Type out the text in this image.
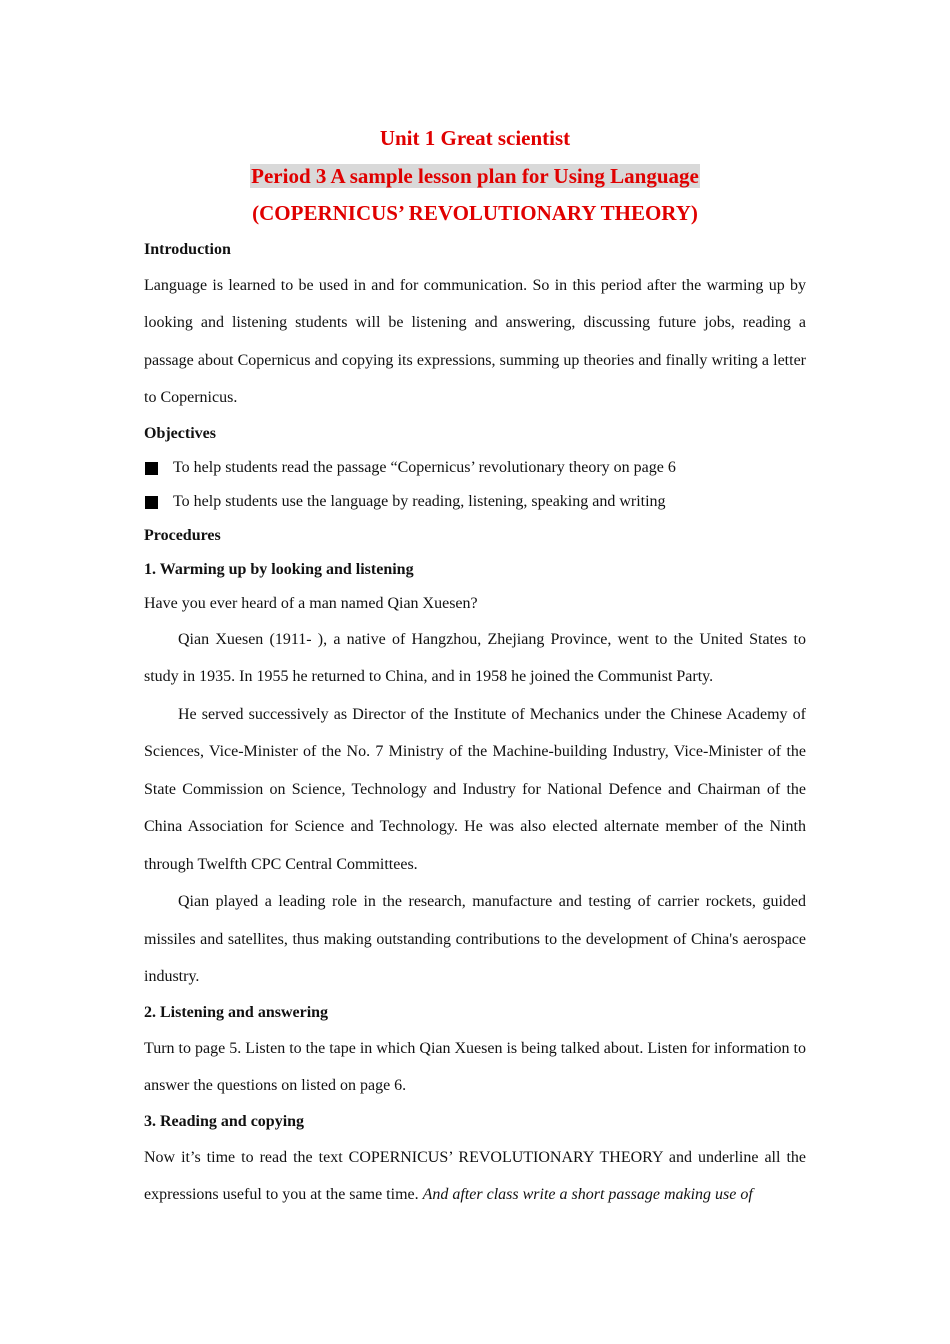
Unit 1 Great scientist
Period 3 A sample lesson plan for Using Language
(COPERNICUS’ REVOLUTIONARY THEORY)
Introduction

Language is learned to be used in and for communication. So in this period after the warming up by looking and listening students will be listening and answering, discussing future jobs, reading a passage about Copernicus and copying its expressions, summing up theories and finally writing a letter to Copernicus.

Objectives
To help students read the passage “Copernicus’ revolutionary theory on page 6
To help students use the language by reading, listening, speaking and writing
Procedures
1. Warming up by looking and listening

Have you ever heard of a man named Qian Xuesen?

Qian Xuesen (1911- ), a native of Hangzhou, Zhejiang Province, went to the United States to study in 1935. In 1955 he returned to China, and in 1958 he joined the Communist Party.

He served successively as Director of the Institute of Mechanics under the Chinese Academy of Sciences, Vice-Minister of the No. 7 Ministry of the Machine-building Industry, Vice-Minister of the State Commission on Science, Technology and Industry for National Defence and Chairman of the China Association for Science and Technology. He was also elected alternate member of the Ninth through Twelfth CPC Central Committees.

Qian played a leading role in the research, manufacture and testing of carrier rockets, guided missiles and satellites, thus making outstanding contributions to the development of China's aerospace industry.

2. Listening and answering

Turn to page 5. Listen to the tape in which Qian Xuesen is being talked about. Listen for information to answer the questions on listed on page 6.

3. Reading and copying

Now it’s time to read the text COPERNICUS’ REVOLUTIONARY THEORY and underline all the expressions useful to you at the same time. And after class write a short passage making use of
